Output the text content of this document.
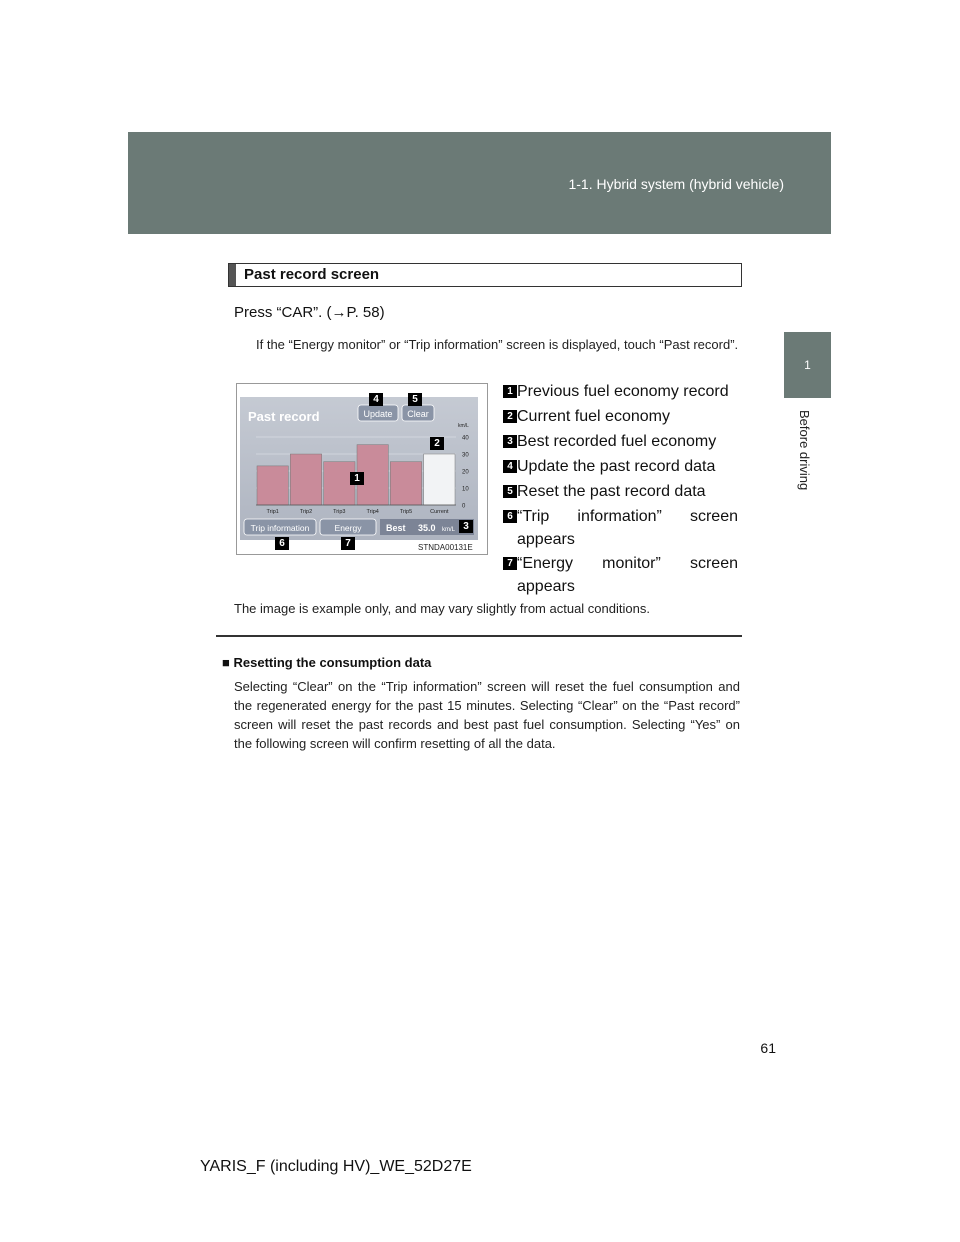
1-1. Hybrid system (hybrid vehicle)
1
Before driving
Past record screen
Press “CAR”. (→P. 58)
If the “Energy monitor” or “Trip information” screen is displayed, touch “Past record”.
Past record	Update Clear
km/L
40
30
20
10
0
Trip1	Trip2	Trip3	Trip4	Trip5	Current
Trip information	Energy	Best 35.0 km/L
STNDA00131E
1
2
3
4	5
6	7
1 Previous fuel economy record
2 Current fuel economy
3 Best recorded fuel economy
4 Update the past record data
5 Reset the past record data
6 “Trip information” screen appears
7 “Energy monitor” screen appears
The image is example only, and may vary slightly from actual conditions.
■ Resetting the consumption data
Selecting “Clear” on the “Trip information” screen will reset the fuel consumption and the regenerated energy for the past 15 minutes. Selecting “Clear” on the “Past record” screen will reset the past records and best past fuel consumption. Selecting “Yes” on the following screen will confirm resetting of all the data.
61
YARIS_F (including HV)_WE_52D27E
